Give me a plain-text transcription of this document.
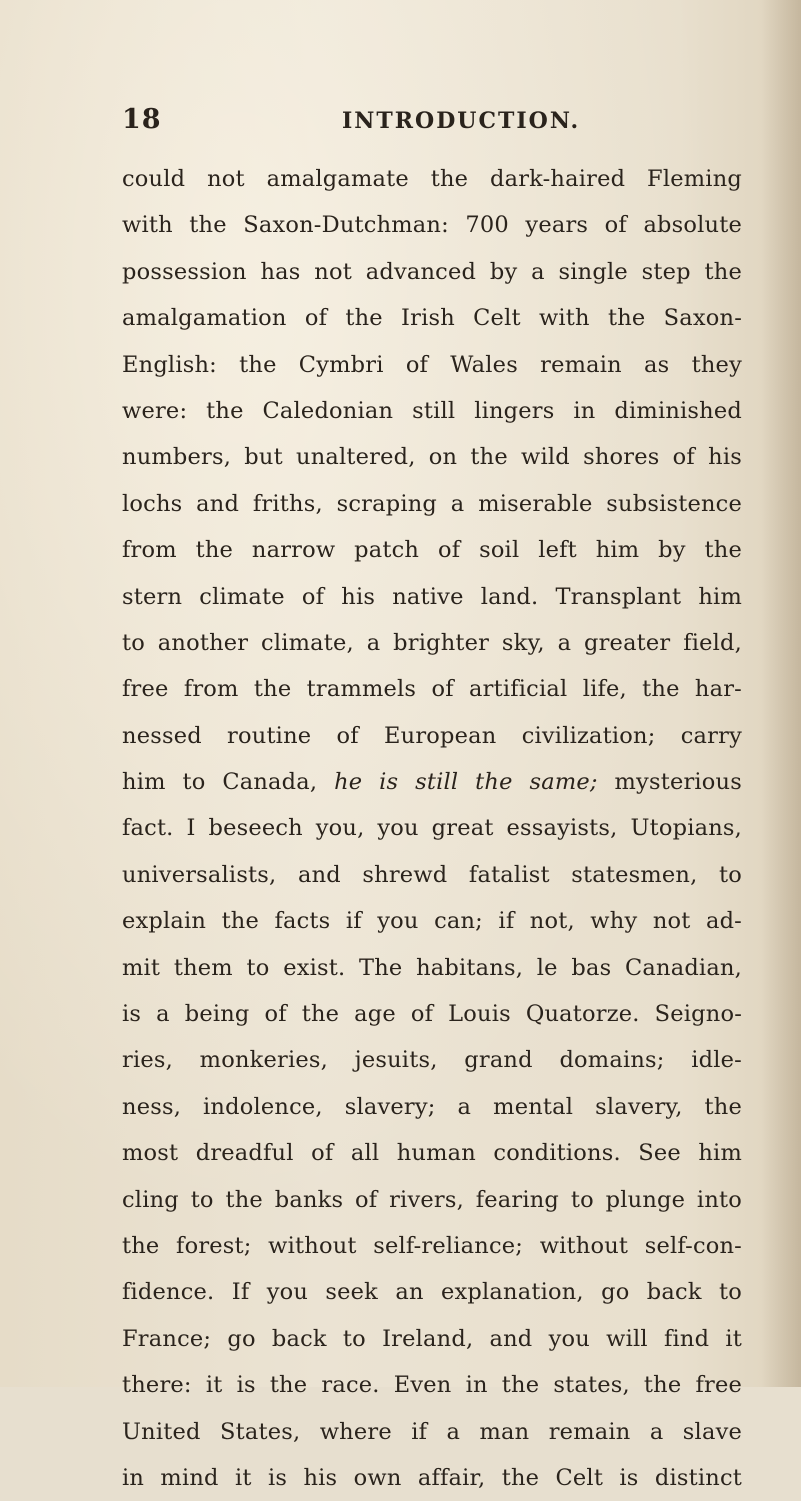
18	INTRODUCTION.
could not amalgamate the dark-haired Fleming
with the Saxon-Dutchman: 700 years of absolute
possession has not advanced by a single step the
amalgamation of the Irish Celt with the Saxon-
English: the Cymbri of Wales remain as they
were: the Caledonian still lingers in diminished
numbers, but unaltered, on the wild shores of his
lochs and friths, scraping a miserable subsistence
from the narrow patch of soil left him by the
stern climate of his native land. Transplant him
to another climate, a brighter sky, a greater field,
free from the trammels of artificial life, the har-
nessed routine of European civilization; carry
him to Canada, he is still the same; mysterious
fact. I beseech you, you great essayists, Utopians,
universalists, and shrewd fatalist statesmen, to
explain the facts if you can; if not, why not ad-
mit them to exist. The habitans, le bas Canadian,
is a being of the age of Louis Quatorze. Seigno-
ries, monkeries, jesuits, grand domains; idle-
ness, indolence, slavery; a mental slavery, the
most dreadful of all human conditions. See him
cling to the banks of rivers, fearing to plunge into
the forest; without self-reliance; without self-con-
fidence. If you seek an explanation, go back to
France; go back to Ireland, and you will find it
there: it is the race. Even in the states, the free
United States, where if a man remain a slave
in mind it is his own affair, the Celt is distinct
